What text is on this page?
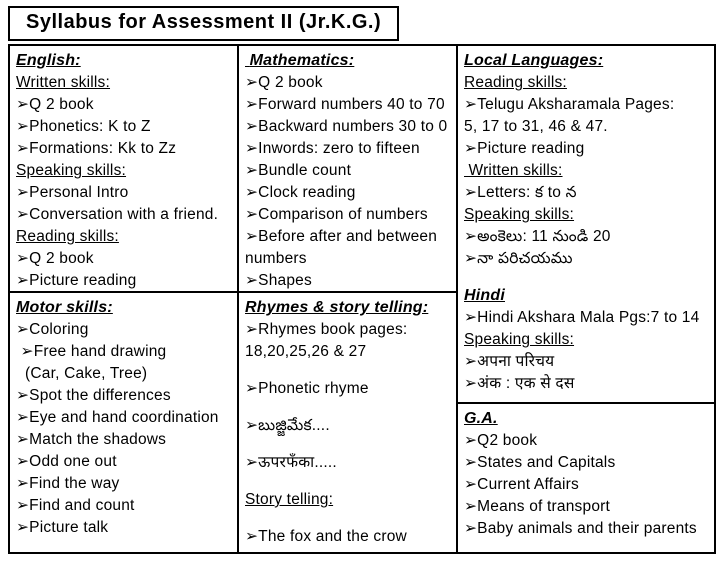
Syllabus for Assessment II (Jr.K.G.)
English:
Written skills:
➢Q 2 book
➢Phonetics: K to Z
➢Formations: Kk to Zz
Speaking skills:
➢Personal Intro
➢Conversation with a friend.
Reading skills:
➢Q 2 book
➢Picture reading
Motor skills:
➢Coloring
➢Free hand drawing
(Car, Cake, Tree)
➢Spot the differences
➢Eye and hand coordination
➢Match the shadows
➢Odd one out
➢Find the way
➢Find and count
➢Picture talk
Mathematics:
➢Q 2 book
➢Forward numbers 40 to 70
➢Backward numbers 30 to 0
➢Inwords: zero to fifteen
➢Bundle count
➢Clock reading
➢Comparison of numbers
➢Before after and between
numbers
➢Shapes
Rhymes & story telling:
➢Rhymes book pages:
18,20,25,26 & 27
➢Phonetic rhyme
➢బుజ్జిమేక....
➢ऊपरफँका.....
Story telling:
➢The fox and the crow
Local Languages:
Reading skills:
➢Telugu Aksharamala Pages:
5, 17 to 31, 46 & 47.
➢Picture reading
Written skills:
➢Letters: క to న
Speaking skills:
➢అంకెలు: 11 నుండి 20
➢నా పరిచయము
Hindi
➢Hindi Akshara Mala Pgs:7 to 14
Speaking skills:
➢अपना परिचय
➢अंक : एक से दस
G.A.
➢Q2 book
➢States and Capitals
➢Current Affairs
➢Means of transport
➢Baby animals and their parents
